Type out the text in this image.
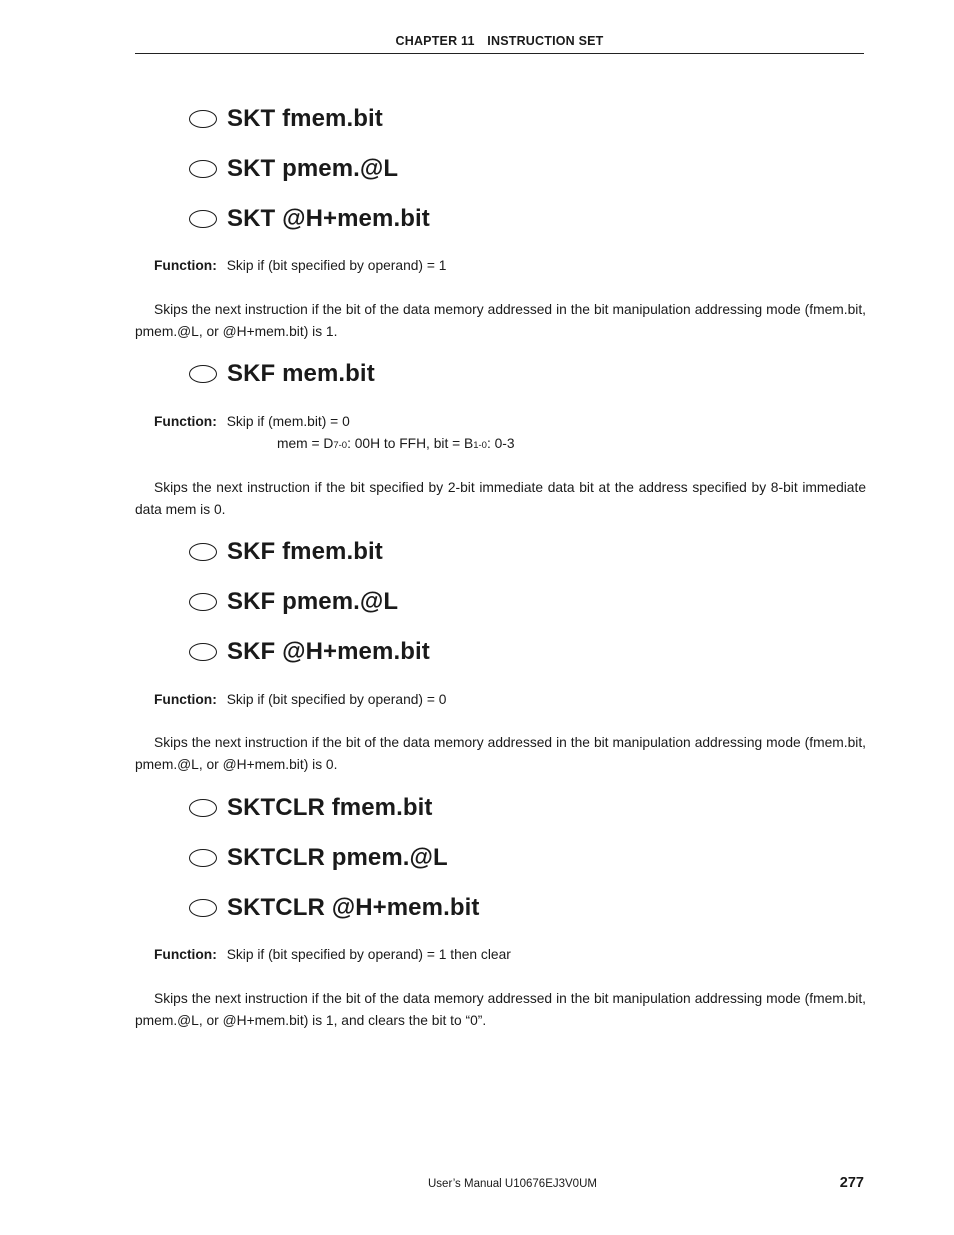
CHAPTER 11 INSTRUCTION SET
SKT fmem.bit
SKT pmem.@L
SKT @H+mem.bit
Function: Skip if (bit specified by operand) = 1

Skips the next instruction if the bit of the data memory addressed in the bit manipulation addressing mode (fmem.bit, pmem.@L, or @H+mem.bit) is 1.

SKF mem.bit
Function: Skip if (mem.bit) = 0
mem = D7-0: 00H to FFH, bit = B1-0: 0-3

Skips the next instruction if the bit specified by 2-bit immediate data bit at the address specified by 8-bit immediate data mem is 0.

SKF fmem.bit
SKF pmem.@L
SKF @H+mem.bit
Function: Skip if (bit specified by operand) = 0

Skips the next instruction if the bit of the data memory addressed in the bit manipulation addressing mode (fmem.bit, pmem.@L, or @H+mem.bit) is 0.

SKTCLR fmem.bit
SKTCLR pmem.@L
SKTCLR @H+mem.bit
Function: Skip if (bit specified by operand) = 1 then clear

Skips the next instruction if the bit of the data memory addressed in the bit manipulation addressing mode (fmem.bit, pmem.@L, or @H+mem.bit) is 1, and clears the bit to “0”.

User’s Manual U10676EJ3V0UM	277
